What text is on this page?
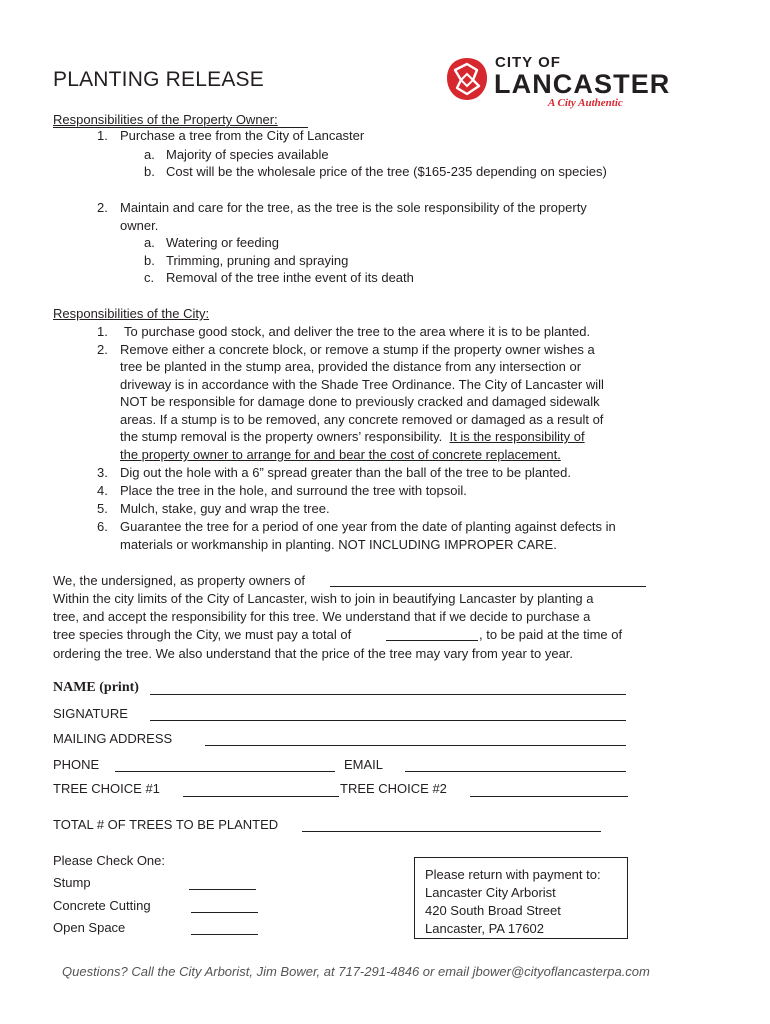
PLANTING RELEASE
CITY OF
LANCASTER
A City Authentic
Responsibilities of the Property Owner:
1. Purchase a tree from the City of Lancaster
a. Majority of species available
b. Cost will be the wholesale price of the tree ($165-235 depending on species)
2. Maintain and care for the tree, as the tree is the sole responsibility of the property
owner.
a. Watering or feeding
b. Trimming, pruning and spraying
c. Removal of the tree inthe event of its death
Responsibilities of the City:
1. To purchase good stock, and deliver the tree to the area where it is to be planted.
2. Remove either a concrete block, or remove a stump if the property owner wishes a
tree be planted in the stump area, provided the distance from any intersection or
driveway is in accordance with the Shade Tree Ordinance. The City of Lancaster will
NOT be responsible for damage done to previously cracked and damaged sidewalk
areas. If a stump is to be removed, any concrete removed or damaged as a result of
the stump removal is the property owners’ responsibility. It is the responsibility of
the property owner to arrange for and bear the cost of concrete replacement.
3. Dig out the hole with a 6” spread greater than the ball of the tree to be planted.
4. Place the tree in the hole, and surround the tree with topsoil.
5. Mulch, stake, guy and wrap the tree.
6. Guarantee the tree for a period of one year from the date of planting against defects in
materials or workmanship in planting. NOT INCLUDING IMPROPER CARE.
We, the undersigned, as property owners of
Within the city limits of the City of Lancaster, wish to join in beautifying Lancaster by planting a
tree, and accept the responsibility for this tree. We understand that if we decide to purchase a
tree species through the City, we must pay a total of	, to be paid at the time of
ordering the tree. We also understand that the price of the tree may vary from year to year.
NAME (print)
SIGNATURE
MAILING ADDRESS
PHONE	EMAIL
TREE CHOICE #1	TREE CHOICE #2
TOTAL # OF TREES TO BE PLANTED
Please Check One:
Stump
Concrete Cutting
Open Space
Please return with payment to:
Lancaster City Arborist
420 South Broad Street
Lancaster, PA 17602
Questions? Call the City Arborist, Jim Bower, at 717-291-4846 or email jbower@cityoflancasterpa.com
